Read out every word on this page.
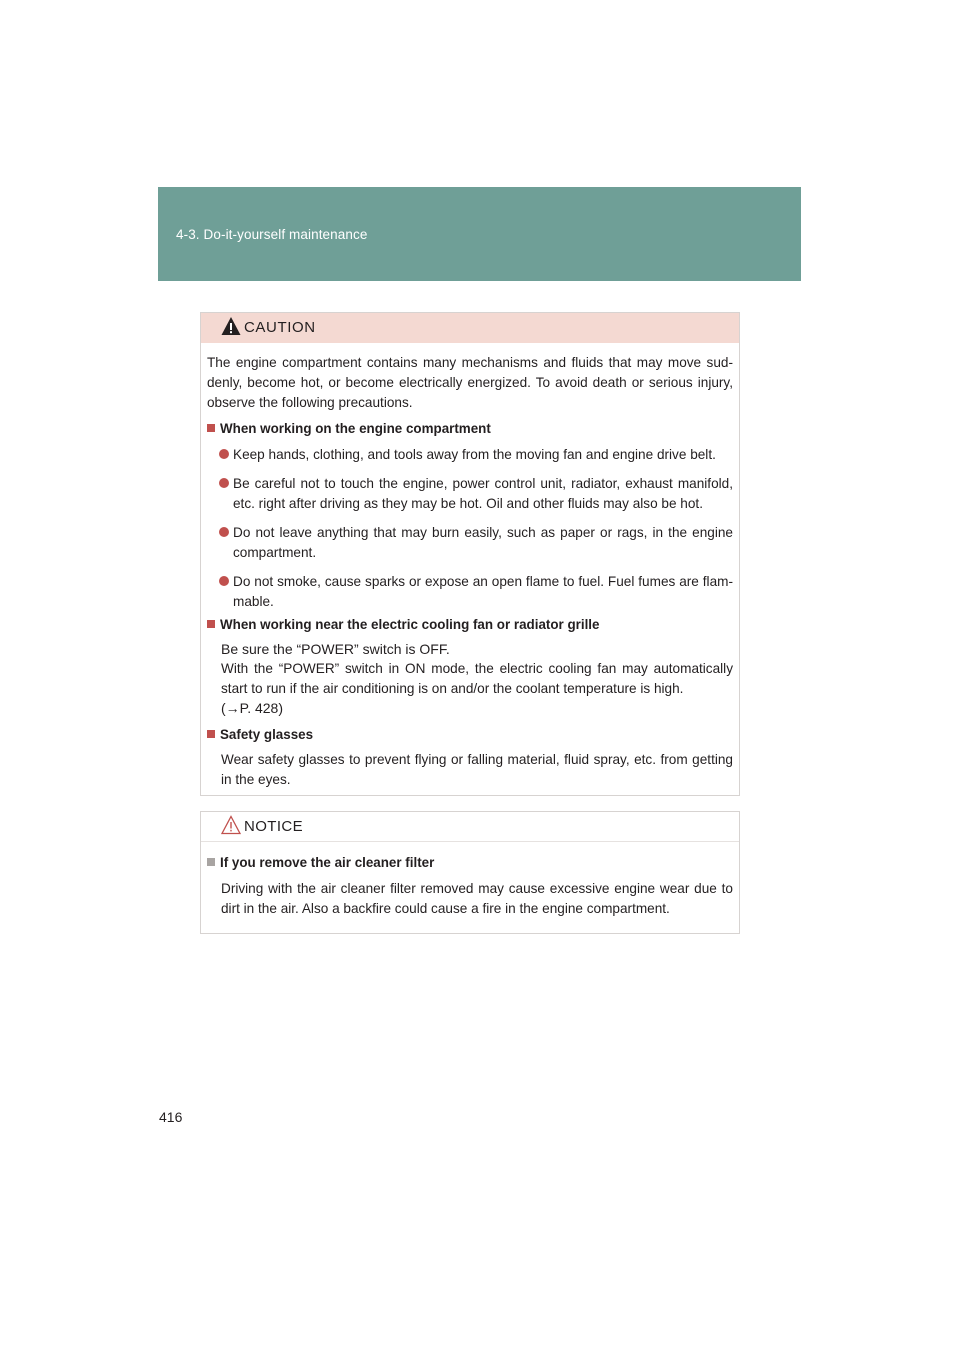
4-3. Do-it-yourself maintenance
CAUTION
The engine compartment contains many mechanisms and fluids that may move sud-denly, become hot, or become electrically energized. To avoid death or serious injury, observe the following precautions.
When working on the engine compartment
Keep hands, clothing, and tools away from the moving fan and engine drive belt.
Be careful not to touch the engine, power control unit, radiator, exhaust manifold, etc. right after driving as they may be hot. Oil and other fluids may also be hot.
Do not leave anything that may burn easily, such as paper or rags, in the engine compartment.
Do not smoke, cause sparks or expose an open flame to fuel. Fuel fumes are flam-mable.
When working near the electric cooling fan or radiator grille
Be sure the “POWER” switch is OFF.
With the “POWER” switch in ON mode, the electric cooling fan may automatically start to run if the air conditioning is on and/or the coolant temperature is high.
(→P. 428)
Safety glasses
Wear safety glasses to prevent flying or falling material, fluid spray, etc. from getting in the eyes.
NOTICE
If you remove the air cleaner filter
Driving with the air cleaner filter removed may cause excessive engine wear due to dirt in the air. Also a backfire could cause a fire in the engine compartment.
416
